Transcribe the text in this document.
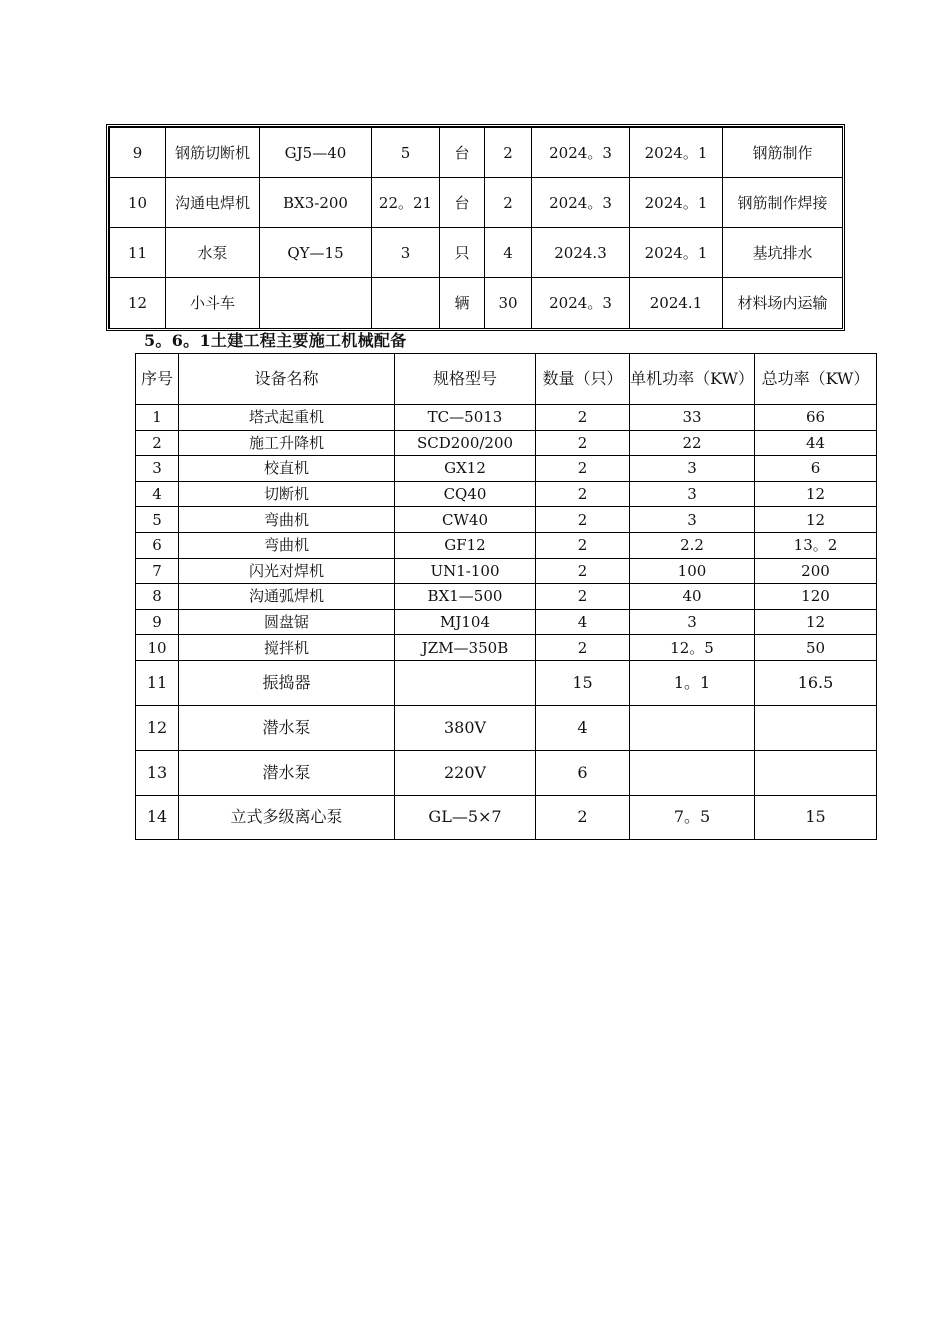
9	钢筋切断机	GJ5—40	5	台	2	2024。3	2024。1	钢筋制作
10	沟通电焊机	BX3-200	22。21	台	2	2024。3	2024。1	钢筋制作焊接
11	水泵	QY—15	3	只	4	2024.3	2024。1	基坑排水
12	小斗车			辆	30	2024。3	2024.1	材料场内运输
5。6。1土建工程主要施工机械配备
序号	设备名称	规格型号	数量（只）	单机功率（KW）	总功率（KW）
1	塔式起重机	TC—5013	2	33	66
2	施工升降机	SCD200/200	2	22	44
3	校直机	GX12	2	3	6
4	切断机	CQ40	2	3	12
5	弯曲机	CW40	2	3	12
6	弯曲机	GF12	2	2.2	13。2
7	闪光对焊机	UN1-100	2	100	200
8	沟通弧焊机	BX1—500	2	40	120
9	圆盘锯	MJ104	4	3	12
10	搅拌机	JZM—350B	2	12。5	50
11	振捣器		15	1。1	16.5
12	潜水泵	380V	4		
13	潜水泵	220V	6		
14	立式多级离心泵	GL—5×7	2	7。5	15
